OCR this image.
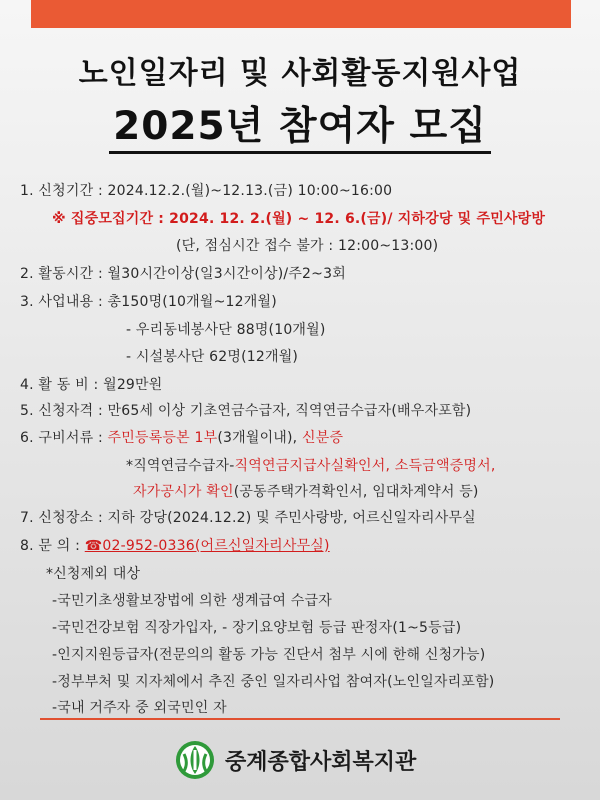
노인일자리 및 사회활동지원사업
2025년 참여자 모집
1. 신청기간 : 2024.12.2.(월)~12.13.(금) 10:00~16:00
※ 집중모집기간 : 2024. 12. 2.(월) ~ 12. 6.(금)/ 지하강당 및 주민사랑방
(단, 점심시간 접수 불가 : 12:00~13:00)
2. 활동시간 : 월30시간이상(일3시간이상)/주2~3회
3. 사업내용 : 총150명(10개월~12개월)
- 우리동네봉사단 88명(10개월)
- 시설봉사단 62명(12개월)
4. 활 동 비 : 월29만원
5. 신청자격 : 만65세 이상 기초연금수급자, 직역연금수급자(배우자포함)
6. 구비서류 : 주민등록등본 1부(3개월이내), 신분증
*직역연금수급자-직역연금지급사실확인서, 소득금액증명서,
자가공시가 확인(공동주택가격확인서, 임대차계약서 등)
7. 신청장소 : 지하 강당(2024.12.2) 및 주민사랑방, 어르신일자리사무실
8. 문 의 : ☎02-952-0336(어르신일자리사무실)
*신청제외 대상
-국민기초생활보장법에 의한 생계급여 수급자
-국민건강보험 직장가입자, - 장기요양보험 등급 판정자(1~5등급)
-인지지원등급자(전문의의 활동 가능 진단서 첨부 시에 한해 신청가능)
-정부부처 및 지자체에서 추진 중인 일자리사업 참여자(노인일자리포함)
-국내 거주자 중 외국민인 자
중계종합사회복지관
